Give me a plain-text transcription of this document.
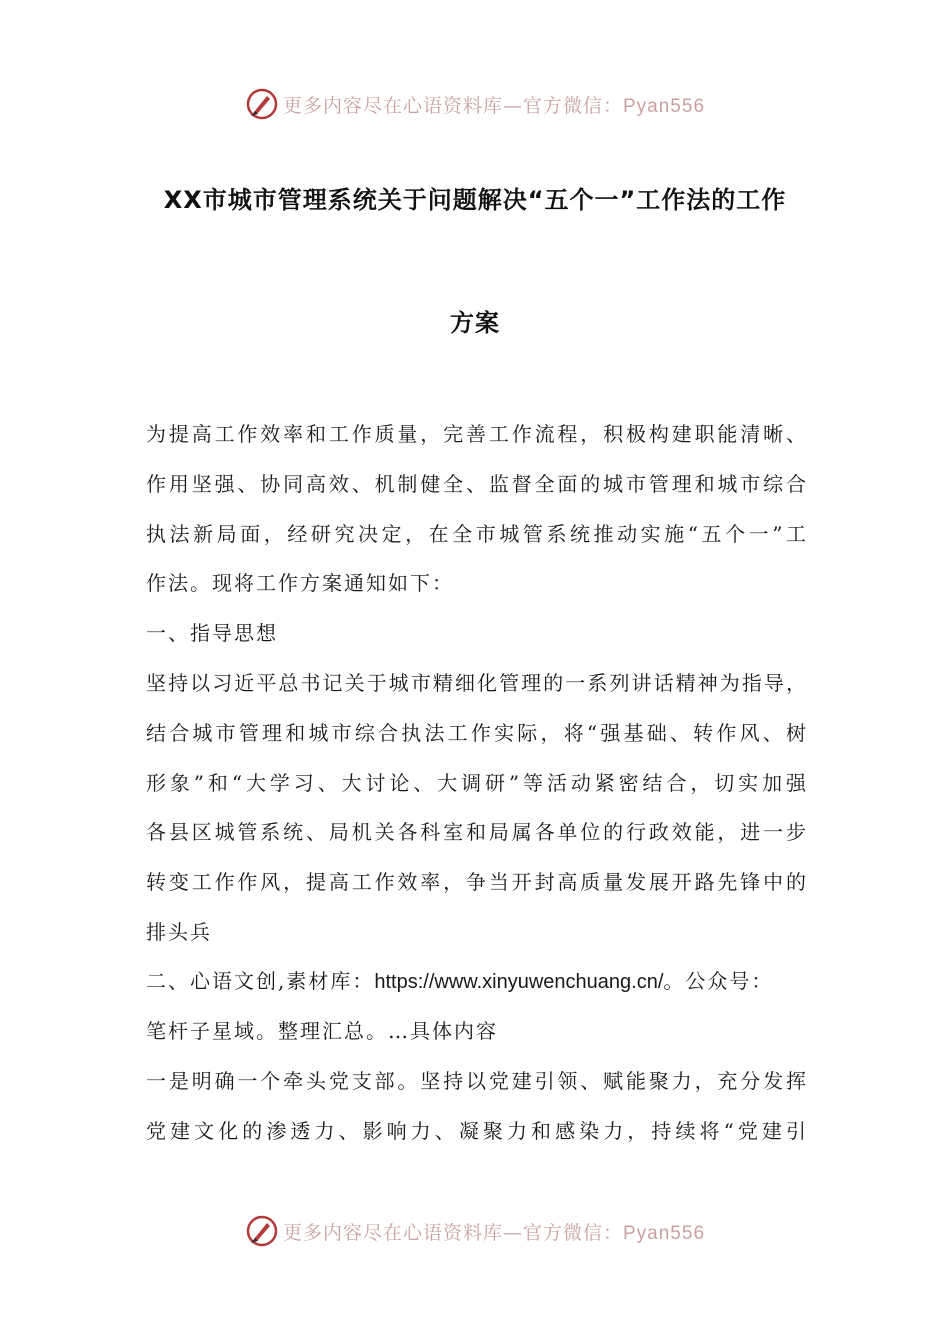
更多内容尽在心语资料库—官方微信：Pyan556
XX市城市管理系统关于问题解决“五个一”工作法的工作
方案
为提高工作效率和工作质量，完善工作流程，积极构建职能清晰、
作用坚强、协同高效、机制健全、监督全面的城市管理和城市综合
执法新局面，经研究决定，在全市城管系统推动实施“五个一”工
作法。现将工作方案通知如下：
一、指导思想
坚持以习近平总书记关于城市精细化管理的一系列讲话精神为指导，
结合城市管理和城市综合执法工作实际，将“强基础、转作风、树
形象”和“大学习、大讨论、大调研”等活动紧密结合，切实加强
各县区城管系统、局机关各科室和局属各单位的行政效能，进一步
转变工作作风，提高工作效率，争当开封高质量发展开路先锋中的
排头兵
二、心语文创,素材库：https://www.xinyuwenchuang.cn/。公众号：
笔杆子星域。整理汇总。…具体内容
一是明确一个牵头党支部。坚持以党建引领、赋能聚力，充分发挥
党建文化的渗透力、影响力、凝聚力和感染力，持续将“党建引
更多内容尽在心语资料库—官方微信：Pyan556
